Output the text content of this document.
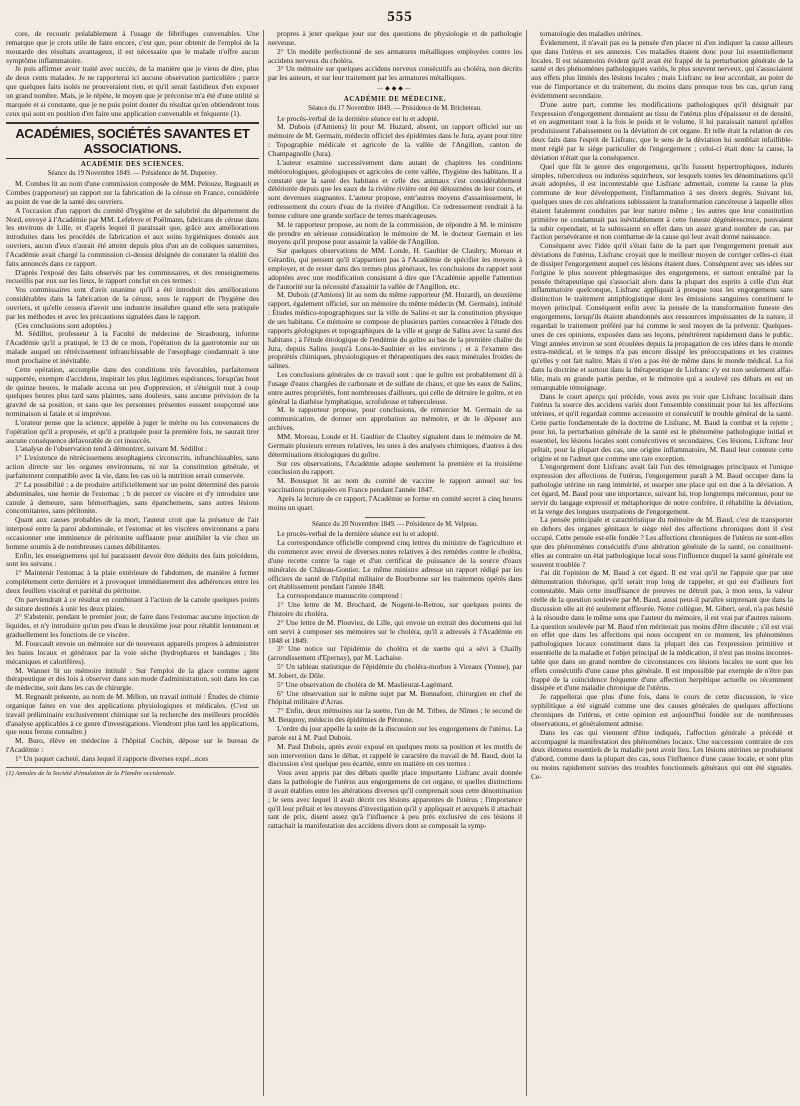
555

core, de recourir préalablement à l'usage de fébrifuges convenables. Une remarque que je crois utile de faire encore, c'est que, pour obtenir de l'emploi de la moutarde des résultats avantageux, il est nécessaire que le malade n'offre aucun symptôme inflammatoire.

Je puis affirmer avoir traité avec succès, de la manière que je viens de dire, plus de deux cents malades. Je ne rapporterai ici aucune observation particulière ; parce que quelques faits isolés ne prouveraient rien, et qu'il serait fastidieux d'en exposer un grand nombre. Mais, je le répète, le moyen que je préconise m'a été d'une utilité si marquée et si constante, que je ne puis point douter du résultat qu'en obtiendront tous ceux qui sont en position d'en faire une application convenable et fréquente (1).

ACADÉMIES, SOCIÉTÉS SAVANTES ET ASSOCIATIONS.
ACADÉMIE DES SCIENCES.

Séance du 19 Novembre 1849. — Présidence de M. Duperrey.

M. Combes lit au nom d'une commission composée de MM. Pelouze, Regnault et Combes (rapporteur) un rapport sur la fabrication de la céruse en France, considérée au point de vue de la santé des ouvriers.

A l'occasion d'un rapport du comité d'hygiène et de salubrité du département du Nord, envoyé à l'Académie par MM. Lefebvre et Poëlmann, fabricans de céruse dans les environs de Lille, et d'après lequel il paraissait que, grâce aux améliorations introduites dans les procédés de fabrication et aux soins hygiéniques donnés aux ouvriers, aucun d'eux n'aurait été atteint depuis plus d'un an de coliques saturnines, l'Académie avait chargé la commission ci-dessus désignée de constater la réalité des faits annoncés dans ce rapport.

D'après l'exposé des faits observés par les commissaires, et des renseignemens recueillis par eux sur les lieux, le rapport conclut en ces termes :

Vos commissaires sont d'avis unanime qu'il a été introduit des améliorations considérables dans la fabrication de la céruse, sous le rapport de l'hygiène des ouvriers, et qu'elle cessera d'avoir une industrie insalubre quand elle sera pratiquée par les méthodes et avec les précautions signalées dans le rapport.

(Ces conclusions sont adoptées.)

M. Sédillot, professeur à la Faculté de médecine de Strasbourg, informe l'Académie qu'il a pratiqué, le 13 de ce mois, l'opération de la gastrotomie sur un malade auquel un rétrécissement infranchissable de l'œsophage condamnait à une mort prochaine et inévitable.

Cette opération, accomplie dans des conditions très favorables, parfaitement supportée, exempte d'accidens, inspirait les plus légitimes espérances, lorsqu'au bout de quinze heures, le malade accusa un peu d'oppression, et s'éteignit tout à coup quelques heures plus tard sans plaintes, sans douleurs, sans aucune prévision de la gravité de sa position, et sans que les personnes présentes eussent soupçonné une terminaison si fatale et si imprévue.

L'orateur pense que la science, appelée à juger le mérite ou les convenances de l'opération qu'il a proposée, et qu'il a pratiquée pour la première fois, ne saurait tirer aucune conséquence défavorable de cet insuccès.

L'analyse de l'observation tend à démontrer, suivant M. Sédillot :

1° L'existence de rétrécissemens œsophagiens circonscrits, infranchissables, sans action directe sur les organes environnans, ni sur la constitution générale, et parfaitement compatible avec la vie, dans les cas où la nutrition serait conservée.

2° La possibilité : a de produire artificiellement sur un point déterminé des parois abdominales, une hernie de l'estomac ; b de percer ce viscère et d'y introduire une canule à demeure, sans hémorrhagies, sans épanchemens, sans autres lésions concomitantes, sans péritonite.

Quant aux causes probables de la mort, l'auteur croit que la présence de l'air interposé entre la paroi abdominale, et l'estomac et les viscères environnans a paru occasionner une imminence de péritonite suffisante pour annihiler la vie chez un homme soumis à de nombreuses causes débilitantes.

Enfin, les enseignemens qui lui paraissent devoir être déduits des faits précédens, sont les suivans :

1° Maintenir l'estomac à la plaie extérieure de l'abdomen, de manière à fermer complètement cette dernière et à provoquer immédiatement des adhérences entre les deux feuillets viscéral et pariétal du péritoine.

On parviendrait à ce résultat en combinant à l'action de la canule quelques points de suture destinés à unir les deux plaies.

2° S'abstenir, pendant le premier jour, de faire dans l'estomac aucune injection de liquides, et n'y introduire qu'un peu d'eau le deuxième jour pour rétablir lentement et graduellement les fonctions de ce viscère.

M. Fourcault envoie un mémoire sur de nouveaux appareils propres à administrer les bains locaux et généraux par la voie sèche (hydrophares et bandages ; lits mécaniques et calorifères).

M. Wanner lit un mémoire intitulé : Sur l'emploi de la glace comme agent thérapeutique et des lois à observer dans son mode d'administration, soit dans les cas de médecine, soit dans les cas de chirurgie.

M. Regnault présente, au nom de M. Millon, un travail intitulé : Études de chimie organique faites en vue des applications physiologiques et médicales. (C'est un travail préliminaire exclusivement chimique sur la recherche des meilleurs procédés d'analyse applicables à ce genre d'investigations. Viendront plus tard les applications, que nous ferons connaître.)

M. Buro, élève en médecine à l'hôpital Cochin, dépose sur le bureau de l'Académie :

1° Un paquet cacheté, dans lequel il rapporte diverses expé...nces

(1) Annales de la Société d'émulation de la Flandre occidentale.

propres à jeter quelque jour sur des questions de physiologie et de pathologie nerveuse.

2° Un modèle perfectionné de ses armatures métalliques employées contre les accidens nerveux du choléra.

3° Un mémoire sur quelques accidens nerveux consécutifs au choléra, non décrits par les auteurs, et sur leur traitement par les armatures métalliques.

—◆◆◆—
ACADÉMIE DE MÉDECINE.

Séance du 17 Novembre 1849. — Présidence de M. Bricheteau.

Le procès-verbal de la dernière séance est lu et adopté.

M. Dubois (d'Amiens) lit pour M. Huzard, absent, un rapport officiel sur un mémoire de M. Germain, médecin officiel des épidémies dans le Jura, ayant pour titre : Topographie médicale et agricole de la vallée de l'Angillon, canton de Champagnolle (Jura).

L'auteur examine successivement dans autant de chapitres les conditions météorologiques, géologiques et agricoles de cette vallée, l'hygiène des habitans. Il a constaté que la santé des habitans et celle des animaux s'est considérablement détériorée depuis que les eaux de la rivière rivière ont été détournées de leur cours, et sont devenues stagnantes. L'auteur propose, entr'autres moyens d'assainissement, le redressement du cours d'eau de la rivière d'Angillon. Ce redressement rendrait à la bonne culture une grande surface de terres marécageuses.

M. le rapporteur propose, au nom de la commission, de répondre à M. le ministre de prendre en sérieuse considération le mémoire de M. le docteur Germain et les moyens qu'il propose pour assainir la vallée de l'Angillon.

Sur quelques observations de MM. Londe, H. Gaultier de Claubry, Moreau et Gérardin, qui pensent qu'il n'appartient pas à l'Académie de spécifier les moyens à employer, et de rester dans des termes plus généraux, les conclusions du rapport sont adoptées avec une modification consistant à dire que l'Académie appelle l'attention de l'autorité sur la nécessité d'assainir la vallée de l'Angillon, etc.

M. Dubois (d'Amiens) lit au nom du même rapporteur (M. Huzard), un deuxième rapport, également officiel, sur un mémoire du même médecin (M. Germain), intitulé : Études médico-topographiques sur la ville de Salins et sur la constitution physique de ses habitans. Ce mémoire se compose de plusieurs parties consacrées à l'étude des rapports géologiques et topographiques de la ville et gorge de Salins avec la santé des habitans ; à l'étude étiologique de l'endémie du goître au bas de la première chaîne du Jura, depuis Salins jusqu'à Lons-le-Saulnier et les environs ; et à l'examen des propriétés chimiques, physiologiques et thérapeutiques des eaux minérales froides de salines.

Les conclusions générales de ce travail sont : que le goître est probablement dû à l'usage d'eaux chargées de carbonate et de sulfate de chaux, et que les eaux de Salins, entre autres propriétés, font nombreuses d'ailleurs, qui celle de détruire le goître, et en général la diathèse lymphatique, scrofuleuse et tuberculeuse.

M. le rapporteur propose, pour conclusions, de remercier M. Germain de sa communication, de donner son approbation au mémoire, et de le déposer aux archives.

MM. Moreau, Londe et H. Gaultier de Claubry signalent dans le mémoire de M. Germain plusieurs erreurs relatives, les unes à des analyses chimiques, d'autres à des déterminations étiologiques du goître.

Sur ces observations, l'Académie adopte seulement la première et la troisième conclusion du rapport.

M. Bousquet lit au nom du comité de vaccine le rapport annuel sur les vaccinations pratiquées en France pendant l'année 1847.

Après la lecture de ce rapport, l'Académie se forme en comité secret à cinq heures moins un quart.

Séance du 20 Novembre 1849. — Présidence de M. Velpeau.

Le procès-verbal de la dernière séance est lu et adopté.

La correspondance officielle comprend cinq lettres du ministre de l'agriculture et du commerce avec envoi de diverses notes relatives à des remèdes contre le choléra, d'une recette contre la rage et d'un certificat de puissance de la source d'eaux minérales de Château-Gontier. Le même ministre adresse un rapport rédigé par les officiers de santé de l'hôpital militaire de Bourbonne sur les traitemens opérés dans cet établissement pendant l'année 1848.

La correspondance manuscrite comprend :

1° Une lettre de M. Brochard, de Nogent-le-Retrou, sur quelques points de l'histoire du choléra.

2° Une lettre de M. Plouviez, de Lille, qui envoie un extrait des documens qui lui ont servi à composer ses mémoires sur le choléra, qu'il a adressés à l'Académie en 1848 et 1849.

3° Une notice sur l'épidémie de choléra et de suette qui a sévi à Chailly (arrondissement d'Epernay), par M. Lachaise.

5° Un tableau statistique de l'épidémie du choléra-morbus à Vireaux (Yonne), par M. Jobert, de Dôle.

5° Une observation de choléra de M. Maslieurat-Lagémard.

6° Une observation sur le même sujet par M. Bonnafont, chirurgien en chef de l'hôpital militaire d'Arras.

7° Enfin, deux mémoires sur la suette, l'un de M. Tribes, de Nîmes ; le second de M. Beuquoy, médecin des épidémies de Péronne.

L'ordre du jour appelle la suite de la discussion sur les engorgemens de l'utérus. La parole est à M. Paul Dubois.

M. Paul Dubois, après avoir exposé en quelques mots sa position et les motifs de son intervention dans le débat, et rappelé le caractère du travail de M. Baud, dont la discussion s'est quelque peu écartée, entre en matière en ces termes :

Vous avez appris par des débats quelle place importante Lisfranc avait donnée dans la pathologie de l'utérus aux engorgemens de cet organe, et quelles distinctions il avait établies entre les altérations diverses qu'il comprenait sous cette dénomination ; le sens avec lequel il avait décrit ces lésions apparentes de l'utérus ; l'importance qu'il leur prêtait et les moyens d'investigation qu'il y appliquait et auxquels il attachait tant de prix, disent assez qu'à l'influence à peu près exclusive de ces lésions il rattachait la manifestation des accidens divers dont se composait la symp-

tomatologie des maladies utérines.

Évidemment, il n'avait pas eu la pensée d'en placer ni d'en indiquer la cause ailleurs que dans l'utérus et ses annexes. Ces maladies étaient donc pour lui essentiellement locales. Il est néanmoins évident qu'il avait été frappé de la perturbation générale de la santé et des phénomènes pathologiques variés, le plus souvent nerveux, qui s'associaient aux effets plus limités des lésions locales ; mais Lisfranc ne leur accordait, au point de vue de l'importance et du traitement, du moins dans presque tous les cas, qu'un rang évidemment secondaire.

D'une autre part, comme les modifications pathologiques qu'il désignait par l'expression d'engorgement donnaient au tissu de l'utérus plus d'épaisseur et de densité, et en augmentant tout à la fois le poids et le volume, il lui paraissait naturel qu'elles produisissent l'abaissement ou la déviation de cet organe. Et telle était la relation de ces deux faits dans l'esprit de Lisfranc, que le sens de la déviation lui semblait infailliblement réglé par le siège particulier de l'engorgement ; celui-ci était donc la cause, la déviation n'était que la conséquence.

Quel que fût le genre des engorgemens, qu'ils fussent hypertrophiques, indurés simples, tuberculeux ou induréss squirrheux, sur lesquels toutes les dénominations qu'il avait adoptées, il est incontestable que Lisfranc admettait, comme la cause la plus commune de leur développement, l'inflammation à ses divers degrés. Suivant lui, quelques unes de ces altérations subissaient la transformation cancéreuse à laquelle elles étaient fatalement conduites par leur nature même ; les autres que leur constitution primitive ne condamnait pas inévitablement à cette funeste dégénérescence, pouvaient la subir cependant, et la subissaient en effet dans un assez grand nombre de cas, par l'action persévérante et non combattue de la cause qui leur avait donné naissance.

Conséquent avec l'idée qu'il s'était faite de la part que l'engorgement prenait aux déviations de l'utérus, Lisfranc croyait que le meilleur moyen de corriger celles-ci était de dissiper l'engorgement auquel ces lésions étaient dues. Conséquent avec ses idées sur l'origine le plus souvent phlegmasique des engorgemens, et surtout entraîné par la pensée thérapeutique qui s'associait alors dans la plupart des esprits à celle d'un état inflammatoire quelconque, Lisfranc appliquait à presque tous les engorgemens sans distinction le traitement antiphlogistique dont les émissions sanguines constituent le moyen principal. Conséquent enfin avec la pensée de la transformation funeste des engorgemens, lorsqu'ils étaient abandonnés aux ressources impuissantes de la nature, il regardait le traitement préféré par lui comme le seul moyen de la prévenir. Quelques-unes de ces opinions, exposées dans ses leçons, pénétrèrent rapidement dans le public. Vingt années environ se sont écoulées depuis la propagation de ces idées dans le monde extra-médical, et le temps n'a pas encore dissipé les préoccupations et les craintes qu'elles y ont fait naître. Mais il n'en a pas été de même dans le monde médical. La foi dans la doctrine et surtout dans la thérapeutique de Lisfranc s'y est non seulement affaiblie, mais en grande partie perdue, et le mémoire qui a soulevé ces débats en est un remarquable témoignage.

Dans le court aperçu qui précède, vous avez pu voir que Lisfranc localisait dans l'utérus la source des accidens variés dont l'ensemble constituait pour lui les affections utérines, et qu'il regardait comme accessoire et consécutif le trouble général de la santé. Cette partie fondamentale de la doctrine de Lisfranc, M. Baud la combat et la rejette ; pour lui, la perturbation générale de la santé est le phénomène pathologique initial et essentiel, les lésions locales sont consécutives et secondaires. Ces lésions, Lisfranc leur prêtait, pour la plupart des cas, une origine inflammatoire, M. Baud leur conteste cette origine et ne l'admet que comme une rare exception.

L'engorgement dont Lisfranc avait fait l'un des témoignages principaux et l'unique expression des affections de l'utérus, l'engorgement paraît à M. Baud occuper dans la pathologie utérine un rang immérité, et usurper une place qui est due à la déviation. A cet égard, M. Baud pour une importance, suivant lui, trop longtemps méconnue, pour ne servir du langage expressif et métaphorique de notre confrère, il réhabilite la déviation, et la venge des longues usurpations de l'engorgement.

La pensée principale et caractéristique du mémoire de M. Baud, c'est de transporter en dehors des organes génitaux le siège réel des affections chroniques dont il s'est occupé. Cette pensée est-elle fondée ? Les affections chroniques de l'utérus ne sont-elles que des phénomènes consécutifs d'une altération générale de la santé, ou constituent-elles au contraire un état pathologique local sous l'influence duquel la santé générale est souvent troublée ?

J'ai dit l'opinion de M. Baud à cet égard. Il est vrai qu'il ne l'appuie que par une démonstration théorique, qu'il serait trop long de rappeler, et qui est d'ailleurs fort contestable. Mais cette insuffisance de preuves ne détruit pas, à mon sens, la valeur réelle de la question soulevée par M. Baud, aussi peut-il paraître surprenant que dans la discussion elle ait été seulement effleurée. Notre collègue, M. Gibert, seul, n'a pas hésité à la résoudre dans le même sens que l'auteur du mémoire, il est vrai par d'autres raisons. La question soulevée par M. Baud n'en mériterait pas moins d'être discutée ; s'il est vrai en effet que dans les affections qui nous occupent en ce moment, les phénomènes pathologiques locaux constituent dans la plupart des cas l'expression primitive et essentielle de la maladie et l'objet principal de la médication, il n'est pas moins incontestable que dans un grand nombre de circonstances ces lésions locales ne sont que les effets consécutifs d'une cause plus générale. Il est impossible par exemple de n'être pas frappé de la coïncidence fréquente d'une affection herpétique actuelle ou récemment dissipée et d'une maladie chronique de l'utérus.

Je rappellerai que plus d'une fois, dans le cours de cette discussion, le vice syphilitique a été signalé comme une des causes générales de quelques affections chroniques de l'utérus, et cette opinion est aujourd'hui fondée sur de nombreuses observations, et généralement admise.

Dans les cas qui viennent d'être indiqués, l'affection générale a précédé et accompagné la manifestation des phénomènes locaux. Une succession contraire de ces deux élémens essentiels de la maladie peut avoir lieu. Les lésions utérines se produisent d'abord, comme dans la plupart des cas, sous l'influence d'une cause locale, et sont plus ou moins rapidement suivies des troubles fonctionnels généraux qui ont été signalés. Ce-
